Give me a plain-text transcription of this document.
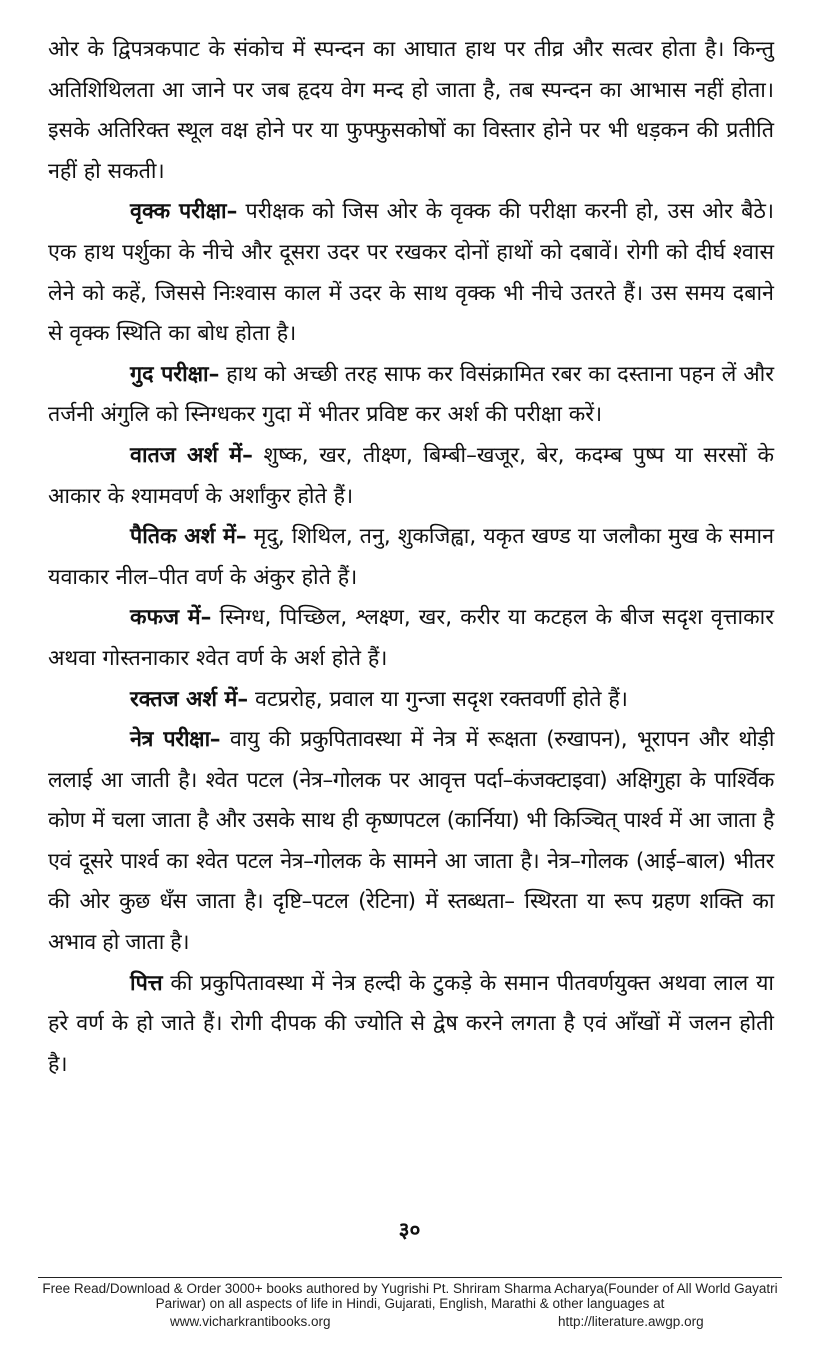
ओर के द्विपत्रकपाट के संकोच में स्पन्दन का आघात हाथ पर तीव्र और सत्वर होता है। किन्तु अतिशिथिलता आ जाने पर जब हृदय वेग मन्द हो जाता है, तब स्पन्दन का आभास नहीं होता। इसके अतिरिक्त स्थूल वक्ष होने पर या फुफ्फुसकोषों का विस्तार होने पर भी धड़कन की प्रतीति नहीं हो सकती।

वृक्क परीक्षा– परीक्षक को जिस ओर के वृक्क की परीक्षा करनी हो, उस ओर बैठे। एक हाथ पर्शुका के नीचे और दूसरा उदर पर रखकर दोनों हाथों को दबावें। रोगी को दीर्घ श्वास लेने को कहें, जिससे निःश्वास काल में उदर के साथ वृक्क भी नीचे उतरते हैं। उस समय दबाने से वृक्क स्थिति का बोध होता है।

गुद परीक्षा– हाथ को अच्छी तरह साफ कर विसंक्रामित रबर का दस्ताना पहन लें और तर्जनी अंगुलि को स्निग्धकर गुदा में भीतर प्रविष्ट कर अर्श की परीक्षा करें।

वातज अर्श में– शुष्क, खर, तीक्ष्ण, बिम्बी–खजूर, बेर, कदम्ब पुष्प या सरसों के आकार के श्यामवर्ण के अर्शांकुर होते हैं।

पैतिक अर्श में– मृदु, शिथिल, तनु, शुकजिह्वा, यकृत खण्ड या जलौका मुख के समान यवाकार नील–पीत वर्ण के अंकुर होते हैं।

कफज में– स्निग्ध, पिच्छिल, श्लक्ष्ण, खर, करीर या कटहल के बीज सदृश वृत्ताकार अथवा गोस्तनाकार श्वेत वर्ण के अर्श होते हैं।

रक्तज अर्श में– वटप्ररोह, प्रवाल या गुन्जा सदृश रक्तवर्णी होते हैं।

नेत्र परीक्षा– वायु की प्रकुपितावस्था में नेत्र में रूक्षता (रुखापन), भूरापन और थोड़ी ललाई आ जाती है। श्वेत पटल (नेत्र–गोलक पर आवृत्त पर्दा–कंजक्टाइवा) अक्षिगुहा के पार्श्विक कोण में चला जाता है और उसके साथ ही कृष्णपटल (कार्निया) भी किञ्चित् पार्श्व में आ जाता है एवं दूसरे पार्श्व का श्वेत पटल नेत्र–गोलक के सामने आ जाता है। नेत्र–गोलक (आई–बाल) भीतर की ओर कुछ धँस जाता है। दृष्टि–पटल (रेटिना) में स्तब्धता– स्थिरता या रूप ग्रहण शक्ति का अभाव हो जाता है।

पित्त की प्रकुपितावस्था में नेत्र हल्दी के टुकड़े के समान पीतवर्णयुक्त अथवा लाल या हरे वर्ण के हो जाते हैं। रोगी दीपक की ज्योति से द्वेष करने लगता है एवं आँखों में जलन होती है।

३०
Free Read/Download & Order 3000+ books authored by Yugrishi Pt. Shriram Sharma Acharya(Founder of All World Gayatri Pariwar) on all aspects of life in Hindi, Gujarati, English, Marathi & other languages at
www.vicharkrantibooks.org	http://literature.awgp.org
